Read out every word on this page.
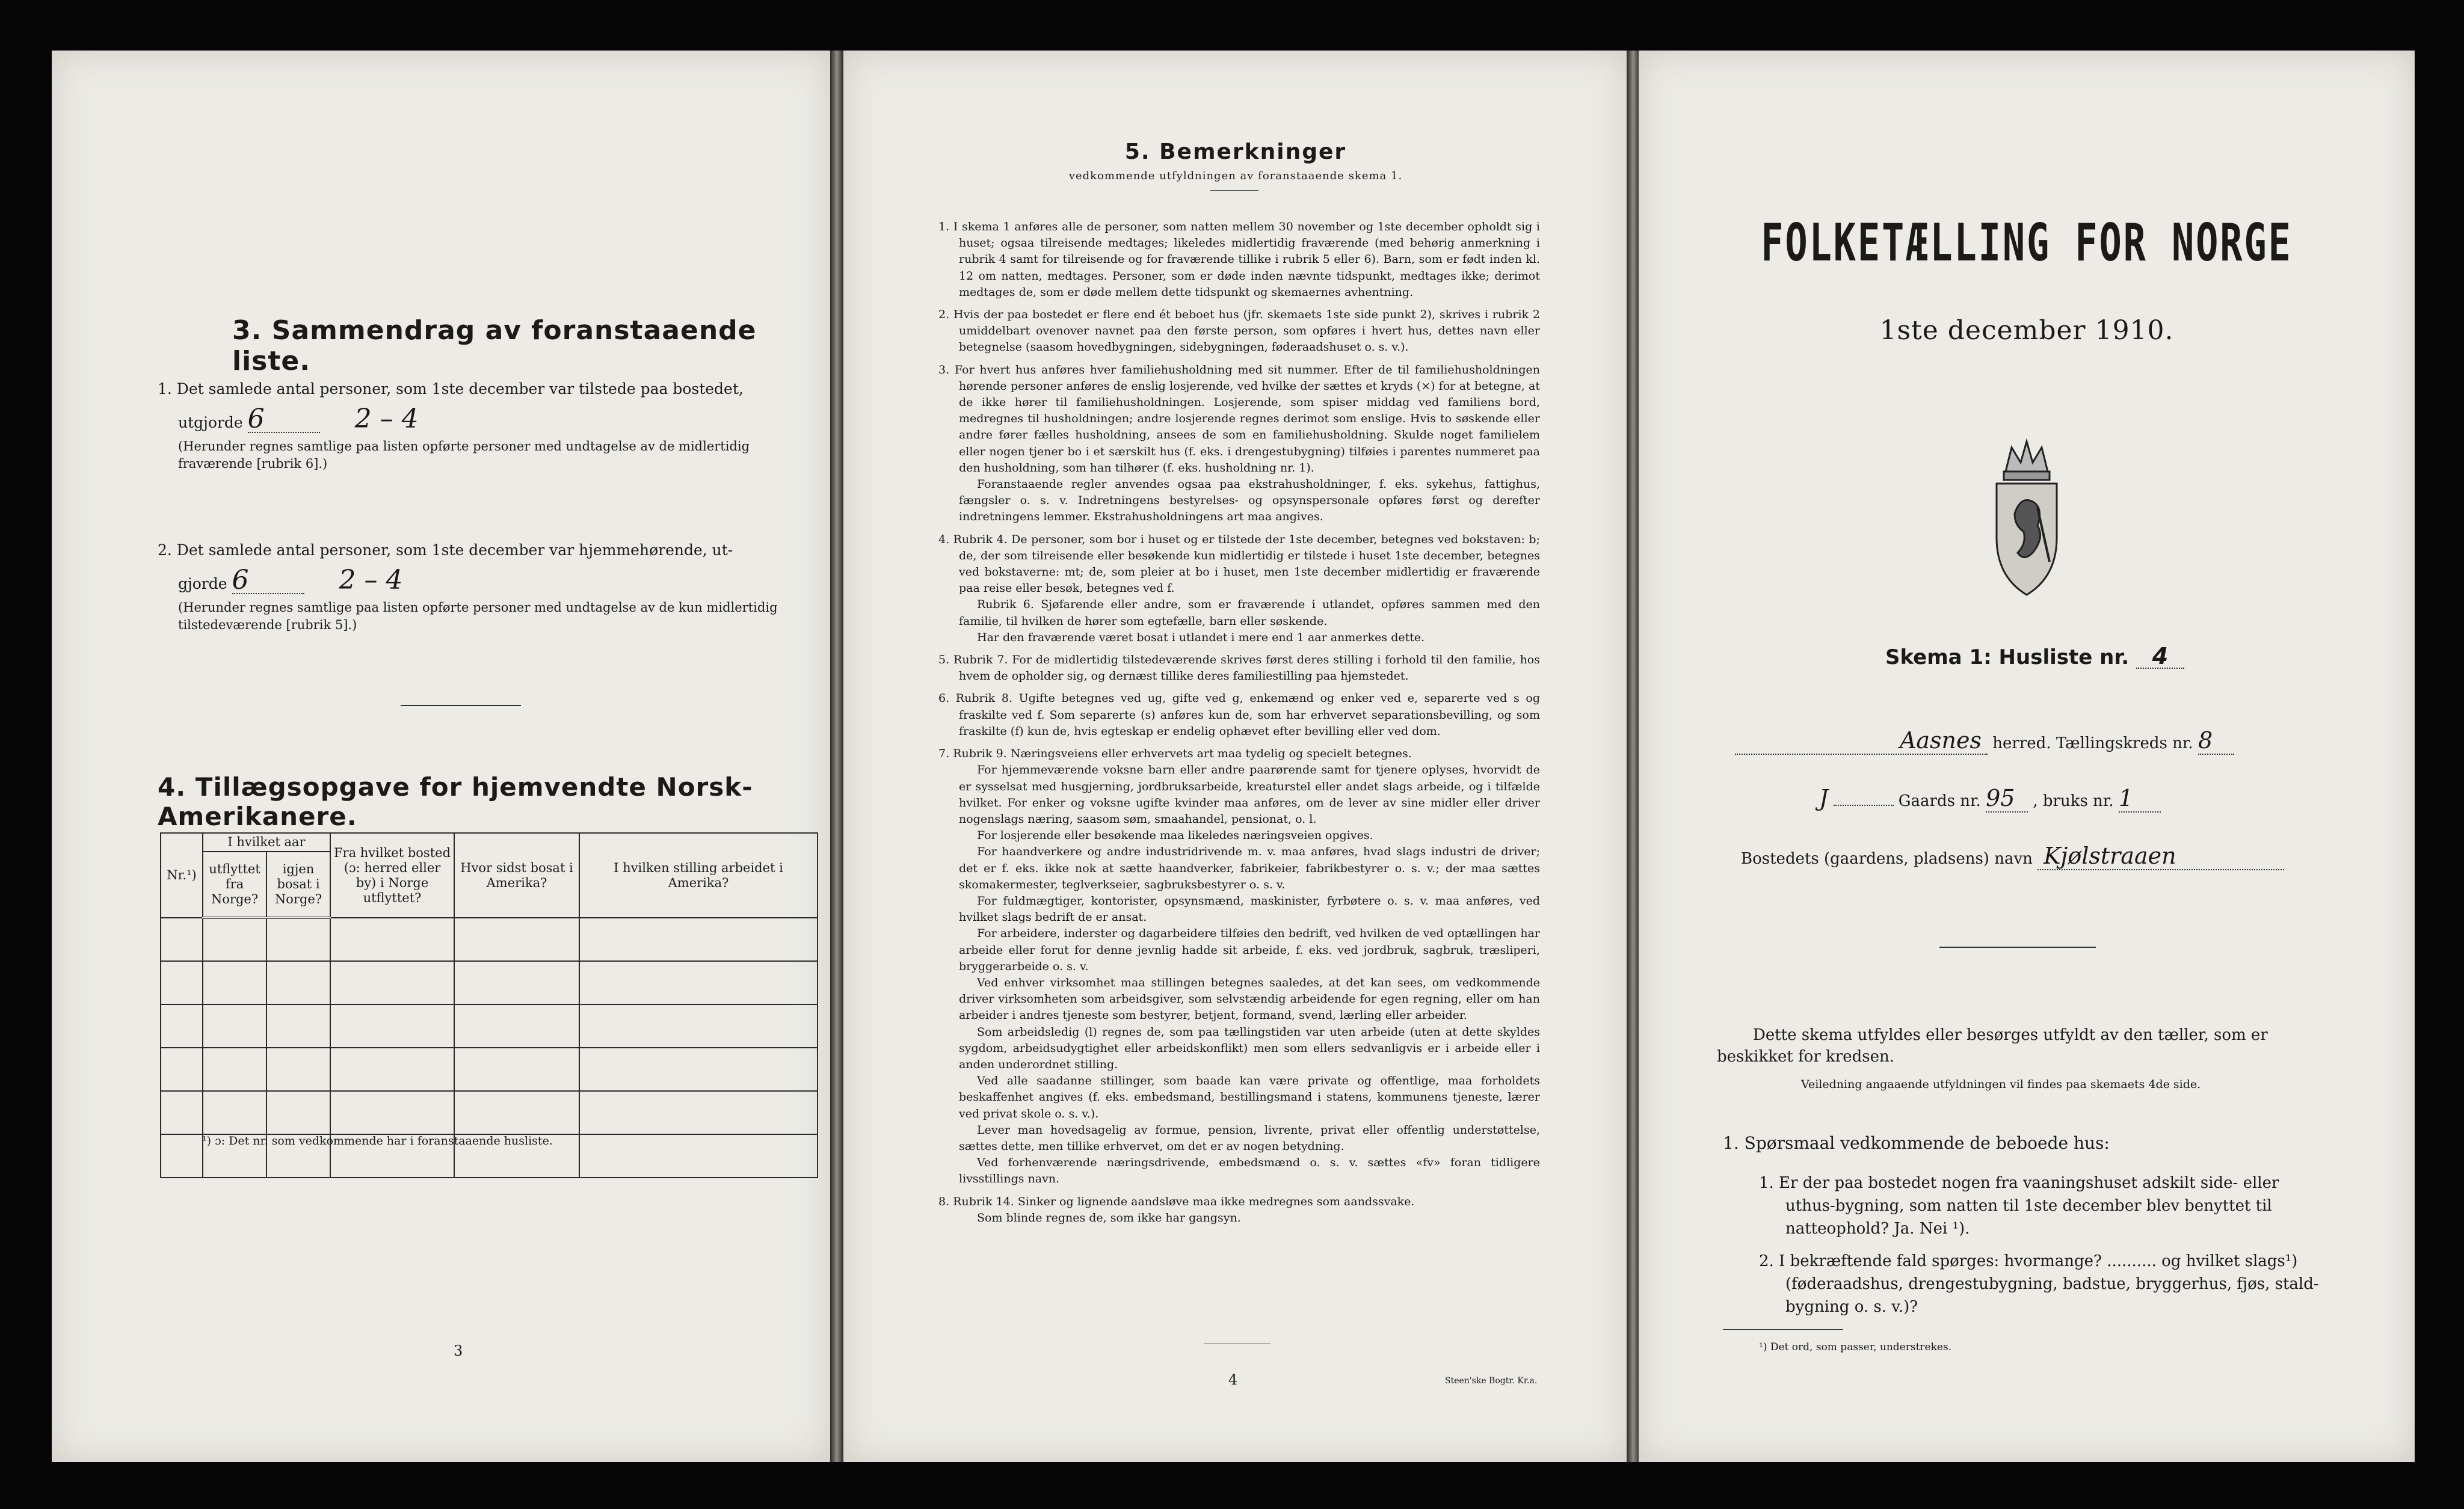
3. Sammendrag av foranstaaende liste.
1. Det samlede antal personer, som 1ste december var tilstede paa bostedet,
utgjorde 6	2 – 4
(Herunder regnes samtlige paa listen opførte personer med undtagelse av de midlertidig fraværende [rubrik 6].)
2. Det samlede antal personer, som 1ste december var hjemmehørende, ut-
gjorde 6	2 – 4
(Herunder regnes samtlige paa listen opførte personer med undtagelse av de kun midlertidig tilstedeværende [rubrik 5].)
4. Tillægsopgave for hjemvendte Norsk-Amerikanere.
Nr.¹)	I hvilket aar		Fra hvilket bosted (ɔ: herred eller by) i Norge utflyttet?	Hvor sidst bosat i Amerika?	I hvilken stilling arbeidet i Amerika?
	utflyttet fra Norge?	igjen bosat i Norge?			

¹) ɔ: Det nr. som vedkommende har i foranstaaende husliste.
3
5. Bemerkninger
vedkommende utfyldningen av foranstaaende skema 1.

1. I skema 1 anføres alle de personer, som natten mellem 30 november og 1ste december opholdt sig i huset; ogsaa tilreisende medtages; likeledes midlertidig fraværende (med behørig anmerkning i rubrik 4 samt for tilreisende og for fraværende tillike i rubrik 5 eller 6). Barn, som er født inden kl. 12 om natten, medtages. Personer, som er døde inden nævnte tidspunkt, medtages ikke; derimot medtages de, som er døde mellem dette tidspunkt og skemaernes avhentning.

2. Hvis der paa bostedet er flere end ét beboet hus (jfr. skemaets 1ste side punkt 2), skrives i rubrik 2 umiddelbart ovenover navnet paa den første person, som opføres i hvert hus, dettes navn eller betegnelse (saasom hovedbygningen, sidebygningen, føderaadshuset o. s. v.).

3. For hvert hus anføres hver familiehusholdning med sit nummer. Efter de til familiehusholdningen hørende personer anføres de enslig losjerende, ved hvilke der sættes et kryds (×) for at betegne, at de ikke hører til familiehusholdningen. Losjerende, som spiser middag ved familiens bord, medregnes til husholdningen; andre losjerende regnes derimot som enslige. Hvis to søskende eller andre fører fælles husholdning, ansees de som en familiehusholdning. Skulde noget familielem eller nogen tjener bo i et særskilt hus (f. eks. i drengestubygning) tilføies i parentes nummeret paa den husholdning, som han tilhører (f. eks. husholdning nr. 1).

Foranstaaende regler anvendes ogsaa paa ekstrahusholdninger, f. eks. sykehus, fattighus, fængsler o. s. v. Indretningens bestyrelses- og opsynspersonale opføres først og derefter indretningens lemmer. Ekstrahusholdningens art maa angives.

4. Rubrik 4. De personer, som bor i huset og er tilstede der 1ste december, betegnes ved bokstaven: b; de, der som tilreisende eller besøkende kun midlertidig er tilstede i huset 1ste december, betegnes ved bokstaverne: mt; de, som pleier at bo i huset, men 1ste december midlertidig er fraværende paa reise eller besøk, betegnes ved f.

Rubrik 6. Sjøfarende eller andre, som er fraværende i utlandet, opføres sammen med den familie, til hvilken de hører som egtefælle, barn eller søskende.

Har den fraværende været bosat i utlandet i mere end 1 aar anmerkes dette.

5. Rubrik 7. For de midlertidig tilstedeværende skrives først deres stilling i forhold til den familie, hos hvem de opholder sig, og dernæst tillike deres familiestilling paa hjemstedet.

6. Rubrik 8. Ugifte betegnes ved ug, gifte ved g, enkemænd og enker ved e, separerte ved s og fraskilte ved f. Som separerte (s) anføres kun de, som har erhvervet separationsbevilling, og som fraskilte (f) kun de, hvis egteskap er endelig ophævet efter bevilling eller ved dom.

7. Rubrik 9. Næringsveiens eller erhvervets art maa tydelig og specielt betegnes.

For hjemmeværende voksne barn eller andre paarørende samt for tjenere oplyses, hvorvidt de er sysselsat med husgjerning, jordbruksarbeide, kreaturstel eller andet slags arbeide, og i tilfælde hvilket. For enker og voksne ugifte kvinder maa anføres, om de lever av sine midler eller driver nogenslags næring, saasom søm, smaahandel, pensionat, o. l.

For losjerende eller besøkende maa likeledes næringsveien opgives.

For haandverkere og andre industridrivende m. v. maa anføres, hvad slags industri de driver; det er f. eks. ikke nok at sætte haandverker, fabrikeier, fabrikbestyrer o. s. v.; der maa sættes skomakermester, teglverkseier, sagbruksbestyrer o. s. v.

For fuldmægtiger, kontorister, opsynsmænd, maskinister, fyrbøtere o. s. v. maa anføres, ved hvilket slags bedrift de er ansat.

For arbeidere, inderster og dagarbeidere tilføies den bedrift, ved hvilken de ved optællingen har arbeide eller forut for denne jevnlig hadde sit arbeide, f. eks. ved jordbruk, sagbruk, træsliperi, bryggerarbeide o. s. v.

Ved enhver virksomhet maa stillingen betegnes saaledes, at det kan sees, om vedkommende driver virksomheten som arbeidsgiver, som selvstændig arbeidende for egen regning, eller om han arbeider i andres tjeneste som bestyrer, betjent, formand, svend, lærling eller arbeider.

Som arbeidsledig (l) regnes de, som paa tællingstiden var uten arbeide (uten at dette skyldes sygdom, arbeidsudygtighet eller arbeidskonflikt) men som ellers sedvanligvis er i arbeide eller i anden underordnet stilling.

Ved alle saadanne stillinger, som baade kan være private og offentlige, maa forholdets beskaffenhet angives (f. eks. embedsmand, bestillingsmand i statens, kommunens tjeneste, lærer ved privat skole o. s. v.).

Lever man hovedsagelig av formue, pension, livrente, privat eller offentlig understøttelse, sættes dette, men tillike erhvervet, om det er av nogen betydning.

Ved forhenværende næringsdrivende, embedsmænd o. s. v. sættes «fv» foran tidligere livsstillings navn.

8. Rubrik 14. Sinker og lignende aandsløve maa ikke medregnes som aandssvake.

Som blinde regnes de, som ikke har gangsyn.

4	Steen'ske Bogtr. Kr.a.
FOLKETÆLLING FOR NORGE
1ste december 1910.
Skema 1: Husliste nr. 4
Aasnes herred. Tællingskreds nr. 8
J	Gaards nr. 95 , bruks nr. 1
Bostedets (gaardens, pladsens) navn Kjølstraaen
Dette skema utfyldes eller besørges utfyldt av den tæller, som er
beskikket for kredsen.
Veiledning angaaende utfyldningen vil findes paa skemaets 4de side.
1. Spørsmaal vedkommende de beboede hus:
1. Er der paa bostedet nogen fra vaaningshuset adskilt side- eller
uthus-bygning, som natten til 1ste december blev benyttet til
natteophold? Ja. Nei ¹).
2. I bekræftende fald spørges: hvormange? .......... og hvilket slags¹)
(føderaadshus, drengestubygning, badstue, bryggerhus, fjøs, stald-
bygning o. s. v.)?
¹) Det ord, som passer, understrekes.
